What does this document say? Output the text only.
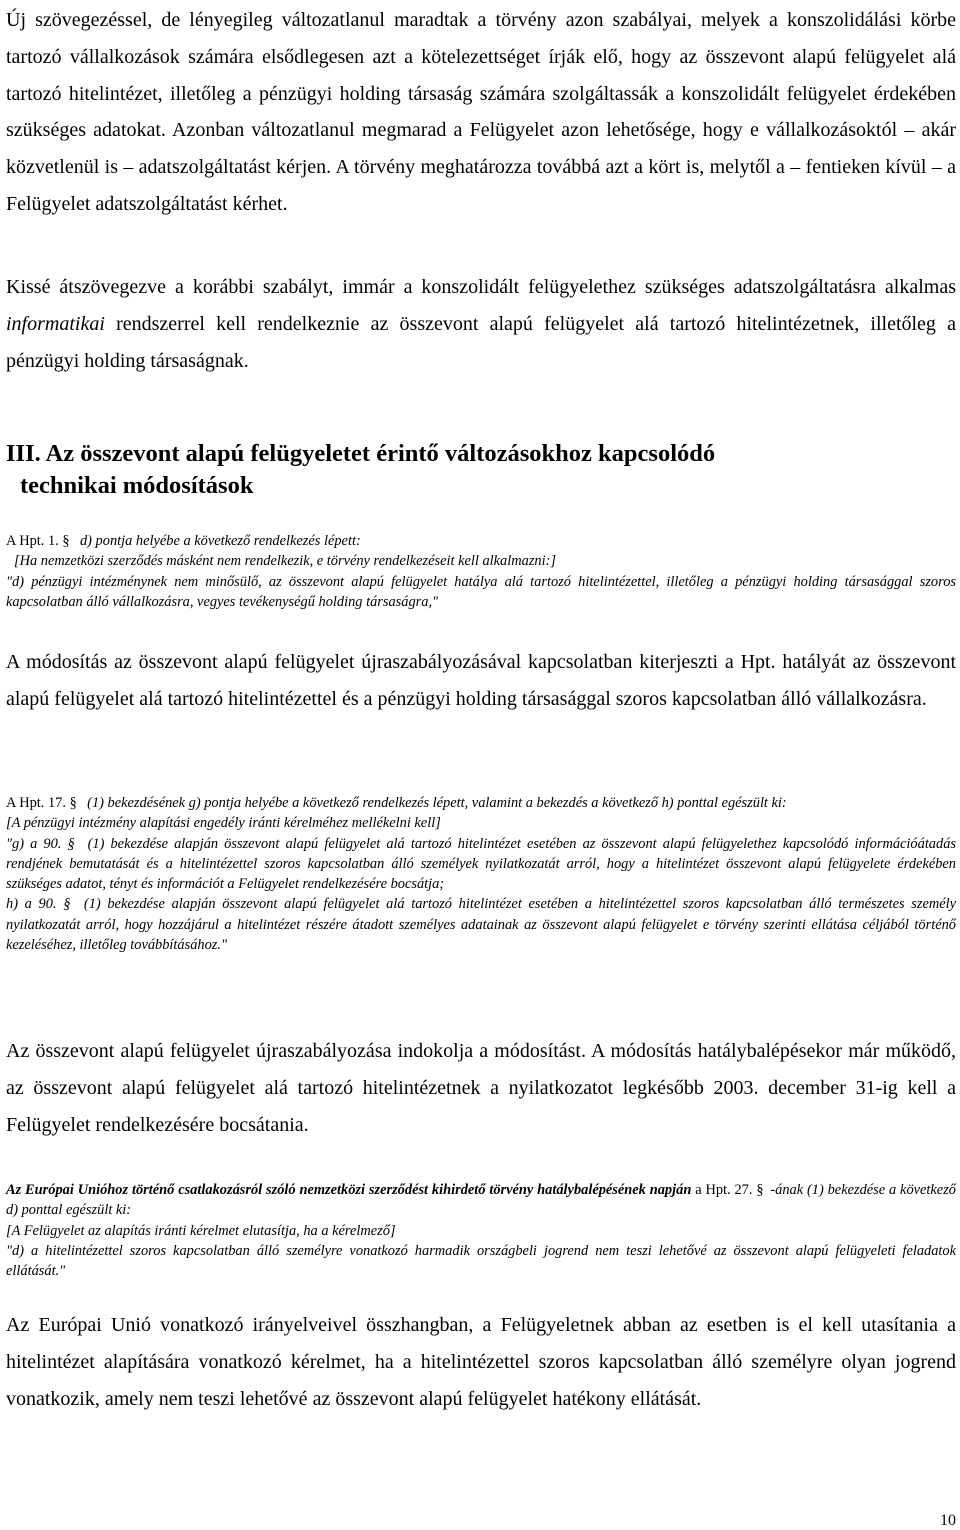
Új szövegezéssel, de lényegileg változatlanul maradtak a törvény azon szabályai, melyek a konszolidálási körbe tartozó vállalkozások számára elsődlegesen azt a kötelezettséget írják elő, hogy az összevont alapú felügyelet alá tartozó hitelintézet, illetőleg a pénzügyi holding társaság számára szolgáltassák a konszolidált felügyelet érdekében szükséges adatokat. Azonban változatlanul megmarad a Felügyelet azon lehetősége, hogy e vállalkozásoktól – akár közvetlenül is – adatszolgáltatást kérjen. A törvény meghatározza továbbá azt a kört is, melytől a – fentieken kívül – a Felügyelet adatszolgáltatást kérhet.

Kissé átszövegezve a korábbi szabályt, immár a konszolidált felügyelethez szükséges adatszolgáltatásra alkalmas informatikai rendszerrel kell rendelkeznie az összevont alapú felügyelet alá tartozó hitelintézetnek, illetőleg a pénzügyi holding társaságnak.

III. Az összevont alapú felügyeletet érintő változásokhoz kapcsolódó
technikai módosítások
A Hpt. 1. § d) pontja helyébe a következő rendelkezés lépett:
[Ha nemzetközi szerződés másként nem rendelkezik, e törvény rendelkezéseit kell alkalmazni:]
"d) pénzügyi intézménynek nem minősülő, az összevont alapú felügyelet hatálya alá tartozó hitelintézettel, illetőleg a pénzügyi holding társasággal szoros kapcsolatban álló vállalkozásra, vegyes tevékenységű holding társaságra,"

A módosítás az összevont alapú felügyelet újraszabályozásával kapcsolatban kiterjeszti a Hpt. hatályát az összevont alapú felügyelet alá tartozó hitelintézettel és a pénzügyi holding társasággal szoros kapcsolatban álló vállalkozásra.

A Hpt. 17. § (1) bekezdésének g) pontja helyébe a következő rendelkezés lépett, valamint a bekezdés a következő h) ponttal egészült ki:
[A pénzügyi intézmény alapítási engedély iránti kérelméhez mellékelni kell]
"g) a 90. § (1) bekezdése alapján összevont alapú felügyelet alá tartozó hitelintézet esetében az összevont alapú felügyelethez kapcsolódó információátadás rendjének bemutatását és a hitelintézettel szoros kapcsolatban álló személyek nyilatkozatát arról, hogy a hitelintézet összevont alapú felügyelete érdekében szükséges adatot, tényt és információt a Felügyelet rendelkezésére bocsátja;
h) a 90. § (1) bekezdése alapján összevont alapú felügyelet alá tartozó hitelintézet esetében a hitelintézettel szoros kapcsolatban álló természetes személy nyilatkozatát arról, hogy hozzájárul a hitelintézet részére átadott személyes adatainak az összevont alapú felügyelet e törvény szerinti ellátása céljából történő kezeléséhez, illetőleg továbbításához."

Az összevont alapú felügyelet újraszabályozása indokolja a módosítást. A módosítás hatálybalépésekor már működő, az összevont alapú felügyelet alá tartozó hitelintézetnek a nyilatkozatot legkésőbb 2003. december 31-ig kell a Felügyelet rendelkezésére bocsátania.

Az Európai Unióhoz történő csatlakozásról szóló nemzetközi szerződést kihirdető törvény hatálybalépésének napján a Hpt. 27. § -ának (1) bekezdése a következő d) ponttal egészült ki:
[A Felügyelet az alapítás iránti kérelmet elutasítja, ha a kérelmező]
"d) a hitelintézettel szoros kapcsolatban álló személyre vonatkozó harmadik országbeli jogrend nem teszi lehetővé az összevont alapú felügyeleti feladatok ellátását."

Az Európai Unió vonatkozó irányelveivel összhangban, a Felügyeletnek abban az esetben is el kell utasítania a hitelintézet alapítására vonatkozó kérelmet, ha a hitelintézettel szoros kapcsolatban álló személyre olyan jogrend vonatkozik, amely nem teszi lehetővé az összevont alapú felügyelet hatékony ellátását.

10
